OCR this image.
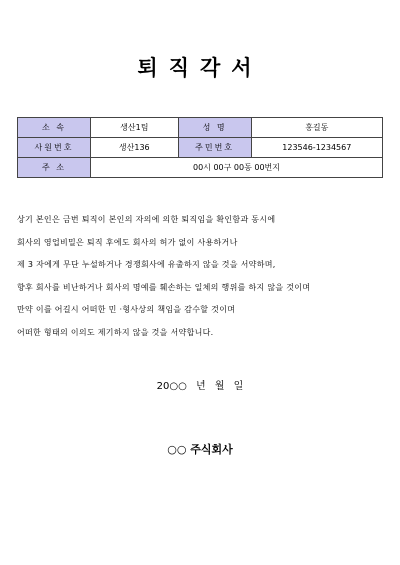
퇴직각서
소 속	생산1팀	성 명	홍길동
사원번호	생산136	주민번호	123546-1234567
주 소	00시 00구 00동 00번지		
상기 본인은 금번 퇴직이 본인의 자의에 의한 퇴직임을 확인함과 동시에
회사의 영업비밀은 퇴직 후에도 회사의 허가 없이 사용하거나
제 3 자에게 무단 누설하거나 경쟁회사에 유출하지 않을 것을 서약하며,
향후 회사를 비난하거나 회사의 명예를 훼손하는 일체의 행위를 하지 않을 것이며
만약 이를 어길시 어떠한 민 ·형사상의 책임을 감수할 것이며
어떠한 형태의 이의도 제기하지 않을 것을 서약합니다.
20○○ 년 월 일
○○ 주식회사
